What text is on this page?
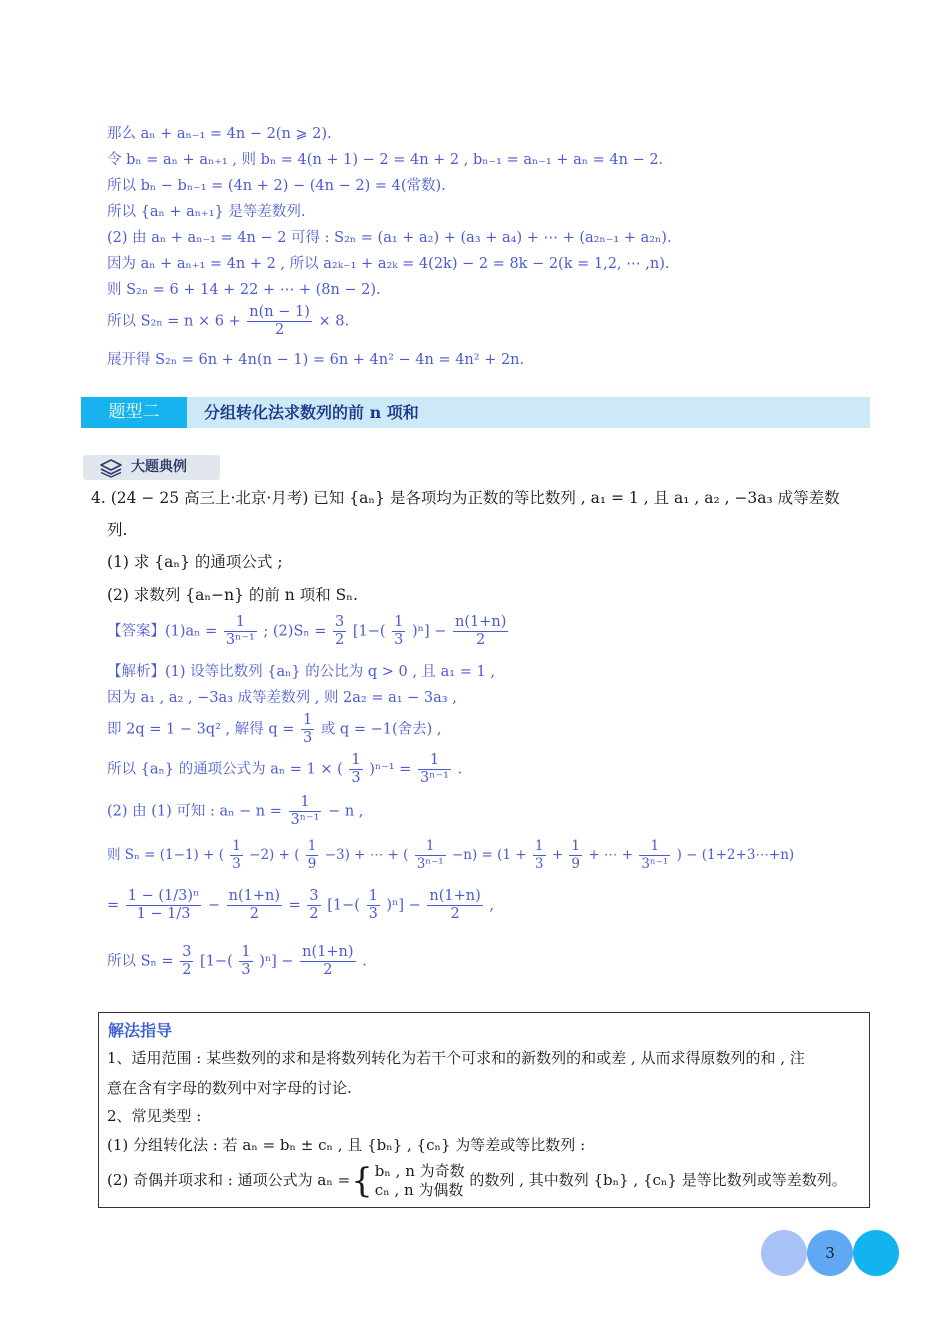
那么 aₙ + aₙ₋₁ = 4n − 2(n ⩾ 2).
令 bₙ = aₙ + aₙ₊₁ , 则 bₙ = 4(n + 1) − 2 = 4n + 2 , bₙ₋₁ = aₙ₋₁ + aₙ = 4n − 2.
所以 bₙ − bₙ₋₁ = (4n + 2) − (4n − 2) = 4(常数).
所以 {aₙ + aₙ₊₁} 是等差数列.
(2) 由 aₙ + aₙ₋₁ = 4n − 2 可得 : S₂ₙ = (a₁ + a₂) + (a₃ + a₄) + ⋯ + (a₂ₙ₋₁ + a₂ₙ).
因为 aₙ + aₙ₊₁ = 4n + 2 , 所以 a₂ₖ₋₁ + a₂ₖ = 4(2k) − 2 = 8k − 2(k = 1,2, ⋯ ,n).
则 S₂ₙ = 6 + 14 + 22 + ⋯ + (8n − 2).
所以 $S_{2n} = n \times 6 + \frac{n(n - 1)}{2} \times 8$.
展开得 S₂ₙ = 6n + 4n(n − 1) = 6n + 4n² − 4n = 4n² + 2n.
题型二	分组转化法求数列的前 n 项和
大题典例
4. (24 − 25 高三上·北京·月考) 已知 {aₙ} 是各项均为正数的等比数列 , a₁ = 1 , 且 a₁ , a₂ , −3a₃ 成等差数
列.
(1) 求 {aₙ} 的通项公式 ;
(2) 求数列 {aₙ−n} 的前 n 项和 Sₙ.
【答案】$(1)a_n = \frac{1}{\text{3ⁿ⁻¹}}$ ; $(2)S_n = \frac{3}{2} [1-( \frac{1}{3} )^n] - \frac{n(1+n)}{2}$
【解析】(1) 设等比数列 {aₙ} 的公比为 q > 0 , 且 a₁ = 1 ,
因为 a₁ , a₂ , −3a₃ 成等差数列 , 则 2a₂ = a₁ − 3a₃ ,
即 2q = 1 − 3q² , 解得 $q = \frac{1}{3}$ 或 q = −1(舍去) ,
所以 {aₙ} 的通项公式为 aₙ = 1 × ( $\frac{1}{3} )^{n-1} = \frac{1}{\text{3ⁿ⁻¹}}$ .
(2) 由 (1) 可知 : $a_n - n = \frac{1}{\text{3ⁿ⁻¹}} - n$ ,
则 Sₙ = (1−1) + ( $\frac{1}{3} -2$) + ( $\frac{1}{9} -3$) + ⋯ + ( $\frac{1}{\text{3ⁿ⁻¹}} -n) = (1 + \frac{1}{3} + \frac{1}{9}$ + ⋯ + $\frac{1}{\text{3ⁿ⁻¹}}$ ) − (1+2+3⋯+n)
= $\frac{\text{1 − (1/3)ⁿ}}{1 - 1/3} - \frac{n(1+n)}{2} = \frac{3}{2} [1-( \frac{1}{3} )^n] - \frac{n(1+n)}{2}$ ,
所以 $S_n = \frac{3}{2} [1-( \frac{1}{3} )^n] - \frac{n(1+n)}{2}$ .
解法指导
1、适用范围 : 某些数列的求和是将数列转化为若干个可求和的新数列的和或差 , 从而求得原数列的和 , 注
意在含有字母的数列中对字母的讨论.
2、常见类型 :
(1) 分组转化法 : 若 aₙ = bₙ ± cₙ , 且 {bₙ} , {cₙ} 为等差或等比数列 :
(2) 奇偶并项求和 : 通项公式为 aₙ ={ bₙ , n 为奇数
cₙ , n 为偶数
的数列 , 其中数列 {bₙ} , {cₙ} 是等比数列或等差数列。
3
